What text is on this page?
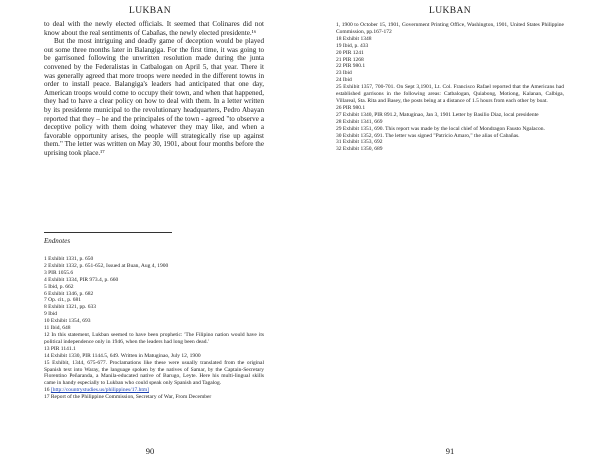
LUKBAN

to deal with the newly elected officials. It seemed that Colinares did not know about the real sentiments of Cabañas, the newly elected presidente.¹⁶

But the most intriguing and deadly game of deception would be played out some three months later in Balangiga. For the first time, it was going to be garrisoned following the unwritten resolution made during the junta convened by the Federalistas in Catbalogan on April 5, that year. There it was generally agreed that more troops were needed in the different towns in order to install peace. Balangiga's leaders had anticipated that one day, American troops would come to occupy their town, and when that happened, they had to have a clear policy on how to deal with them. In a letter written by its presidente municipal to the revolutionary headquarters, Pedro Abayan reported that they – he and the principales of the town - agreed "to observe a deceptive policy with them doing whatever they may like, and when a favorable opportunity arises, the people will strategically rise up against them." The letter was written on May 30, 1901, about four months before the uprising took place.¹⁷

Endnotes
1 Exhibit 1331, p. 650
2 Exhibit 1332, p. 651-652, Issued at Buan, Aug 4, 1900
3 PIR 1055.6
4 Exhibit 1334, PIR 973.4, p. 660
5 Ibid, p. 662
6 Exhibit 1346, p. 682
7 Op. cit., p. 681
8 Exhibit 1321, pp. 633
9 Ibid
10 Exhibit 1354, 693
11 Ibid, 648
12 In this statement, Lukban seemed to have been prophetic: 'The Filipino nation would have its political independence only in 1946, when the leaders had long been dead.'
13 PIR 1141.1
14 Exhibit 1330, PIR 1144.5, 649. Written in Matuginao, July 12, 1900
15 Exhibit, 1344, 675-677. Proclamations like these were usually translated from the original Spanish text into Waray, the language spoken by the natives of Samar, by the Captain-Secretary Florentino Peñaranda, a Manila-educated native of Barugo, Leyte. Here his multi-lingual skills came in handy especially to Lukban who could speak only Spanish and Tagalog.
16 [http://countrystudies.us/philippines/17.htm]
17 Report of the Philippine Commission, Secretary of War, From December
90
LUKBAN
1, 1900 to October 15, 1901, Government Printing Office, Washington, 1901, United States Philippine Commission, pp.167-172
18 Exhibit 1348
19 Ibid, p. 433
20 PIR 1241
21 PIR 1268
22 PIR 980.1
23 Ibid
24 Ibid
25 Exhibit 1357, 700-701. On Sept 3,1901, Lt. Col. Francisco Rafael reported that the Americans had established garrisons in the following areas: Catbalogan, Quiabong, Motiong, Kalanan, Calbiga, Villareal, Sta. Rita and Basey, the posts being at a distance of 1.5 hours from each other by boat.
26 PIR 980.1
27 Exhibit 1340, PIR 891.2, Matuginao, Jan 3, 1901 Letter by Basilio Diaz, local presidente
28 Exhibit 1341, 669
29 Exhibit 1351, 690. This report was made by the local chief of Mondragon Fausto Ngalacon.
30 Exhibit 1352, 691. The letter was signed "Patricio Amaro," the alias of Cabañas.
31 Exhibit 1353, 692
32 Exhibit 1350, 689
91
